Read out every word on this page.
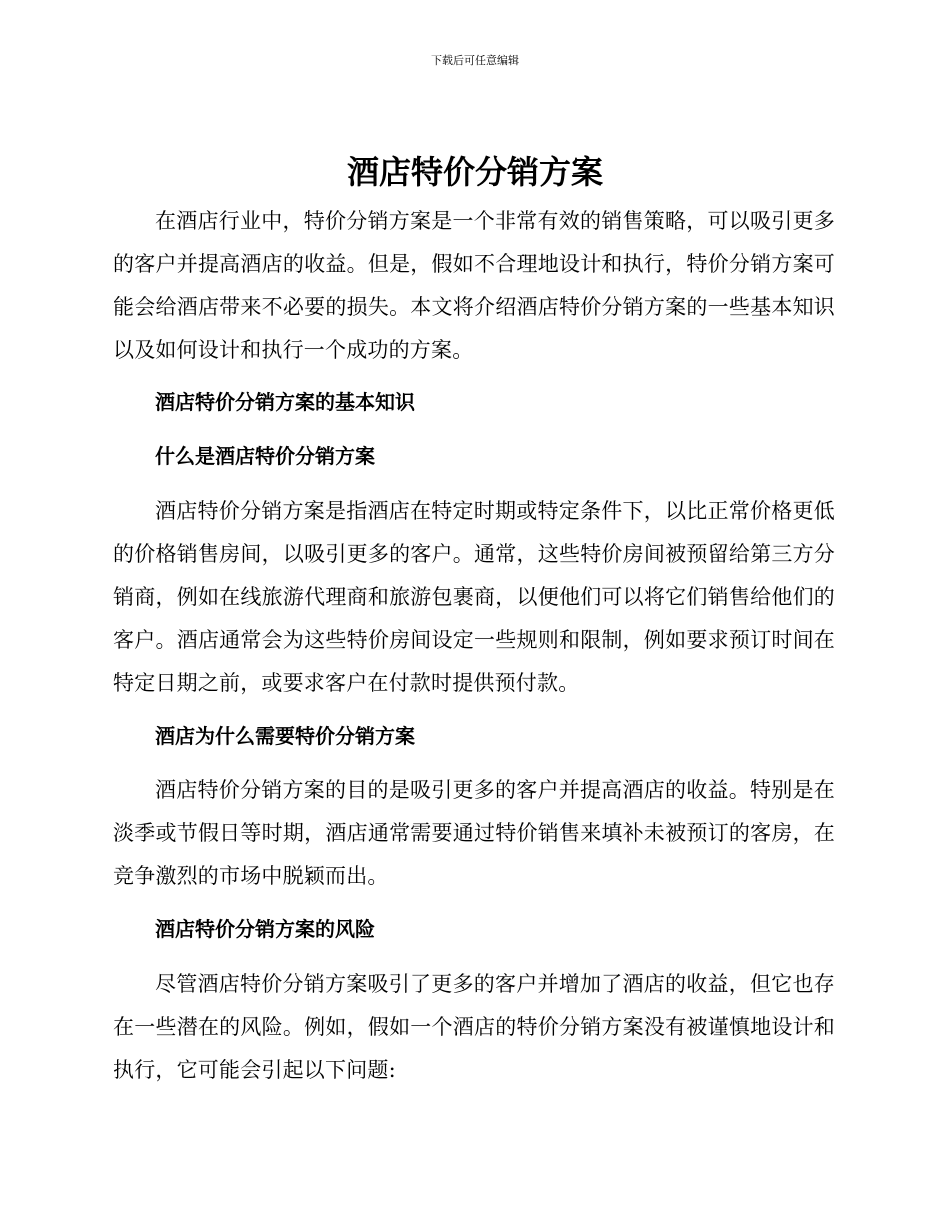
下载后可任意编辑
酒店特价分销方案

在酒店行业中，特价分销方案是一个非常有效的销售策略，可以吸引更多的客户并提高酒店的收益。但是，假如不合理地设计和执行，特价分销方案可能会给酒店带来不必要的损失。本文将介绍酒店特价分销方案的一些基本知识以及如何设计和执行一个成功的方案。

酒店特价分销方案的基本知识
什么是酒店特价分销方案

酒店特价分销方案是指酒店在特定时期或特定条件下，以比正常价格更低的价格销售房间，以吸引更多的客户。通常，这些特价房间被预留给第三方分销商，例如在线旅游代理商和旅游包裹商，以便他们可以将它们销售给他们的客户。酒店通常会为这些特价房间设定一些规则和限制，例如要求预订时间在特定日期之前，或要求客户在付款时提供预付款。

酒店为什么需要特价分销方案

酒店特价分销方案的目的是吸引更多的客户并提高酒店的收益。特别是在淡季或节假日等时期，酒店通常需要通过特价销售来填补未被预订的客房，在竞争激烈的市场中脱颖而出。

酒店特价分销方案的风险

尽管酒店特价分销方案吸引了更多的客户并增加了酒店的收益，但它也存在一些潜在的风险。例如，假如一个酒店的特价分销方案没有被谨慎地设计和执行，它可能会引起以下问题:
